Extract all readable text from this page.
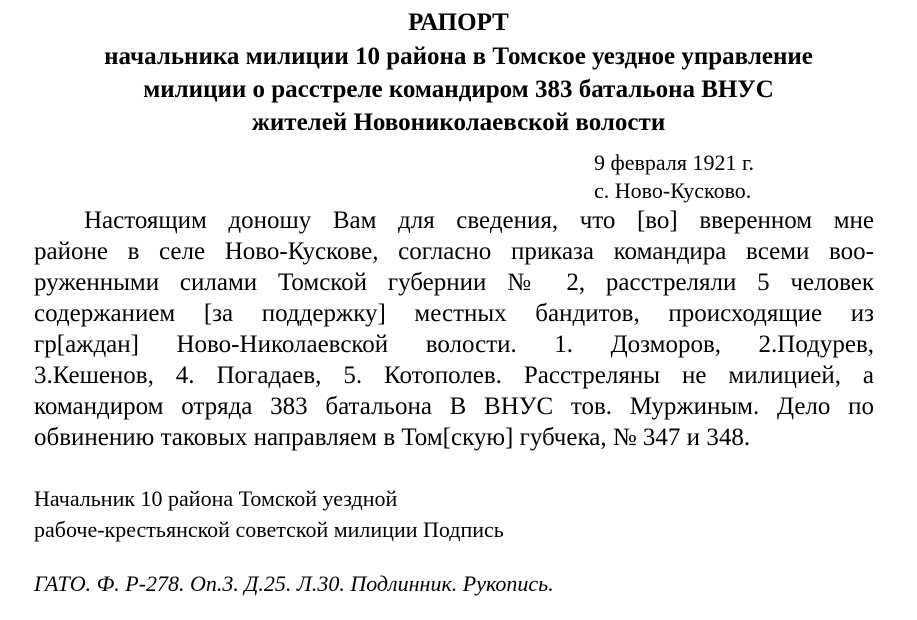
РАПОРТ
начальника милиции 10 района в Томское уездное управление
милиции о расстреле командиром 383 батальона ВНУС
жителей Новониколаевской волости
9 февраля 1921 г.
с. Ново-Кусково.
Настоящим доношу Вам для сведения, что [во] вверенном мне
районе в селе Ново-Кускове, согласно приказа командира всеми воо-
руженными силами Томской губернии № 2, расстреляли 5 человек
содержанием [за поддержку] местных бандитов, происходящие из
гр[аждан] Ново-Николаевской волости. 1. Дозморов, 2.Подурев,
3.Кешенов, 4. Погадаев, 5. Котополев. Расстреляны не милицией, а
командиром отряда 383 батальона В ВНУС тов. Муржиным. Дело по
обвинению таковых направляем в Том[скую] губчека, № 347 и 348.
Начальник 10 района Томской уездной
рабоче-крестьянской советской милиции Подпись
ГАТО. Ф. Р-278. Оп.3. Д.25. Л.30. Подлинник. Рукопись.
